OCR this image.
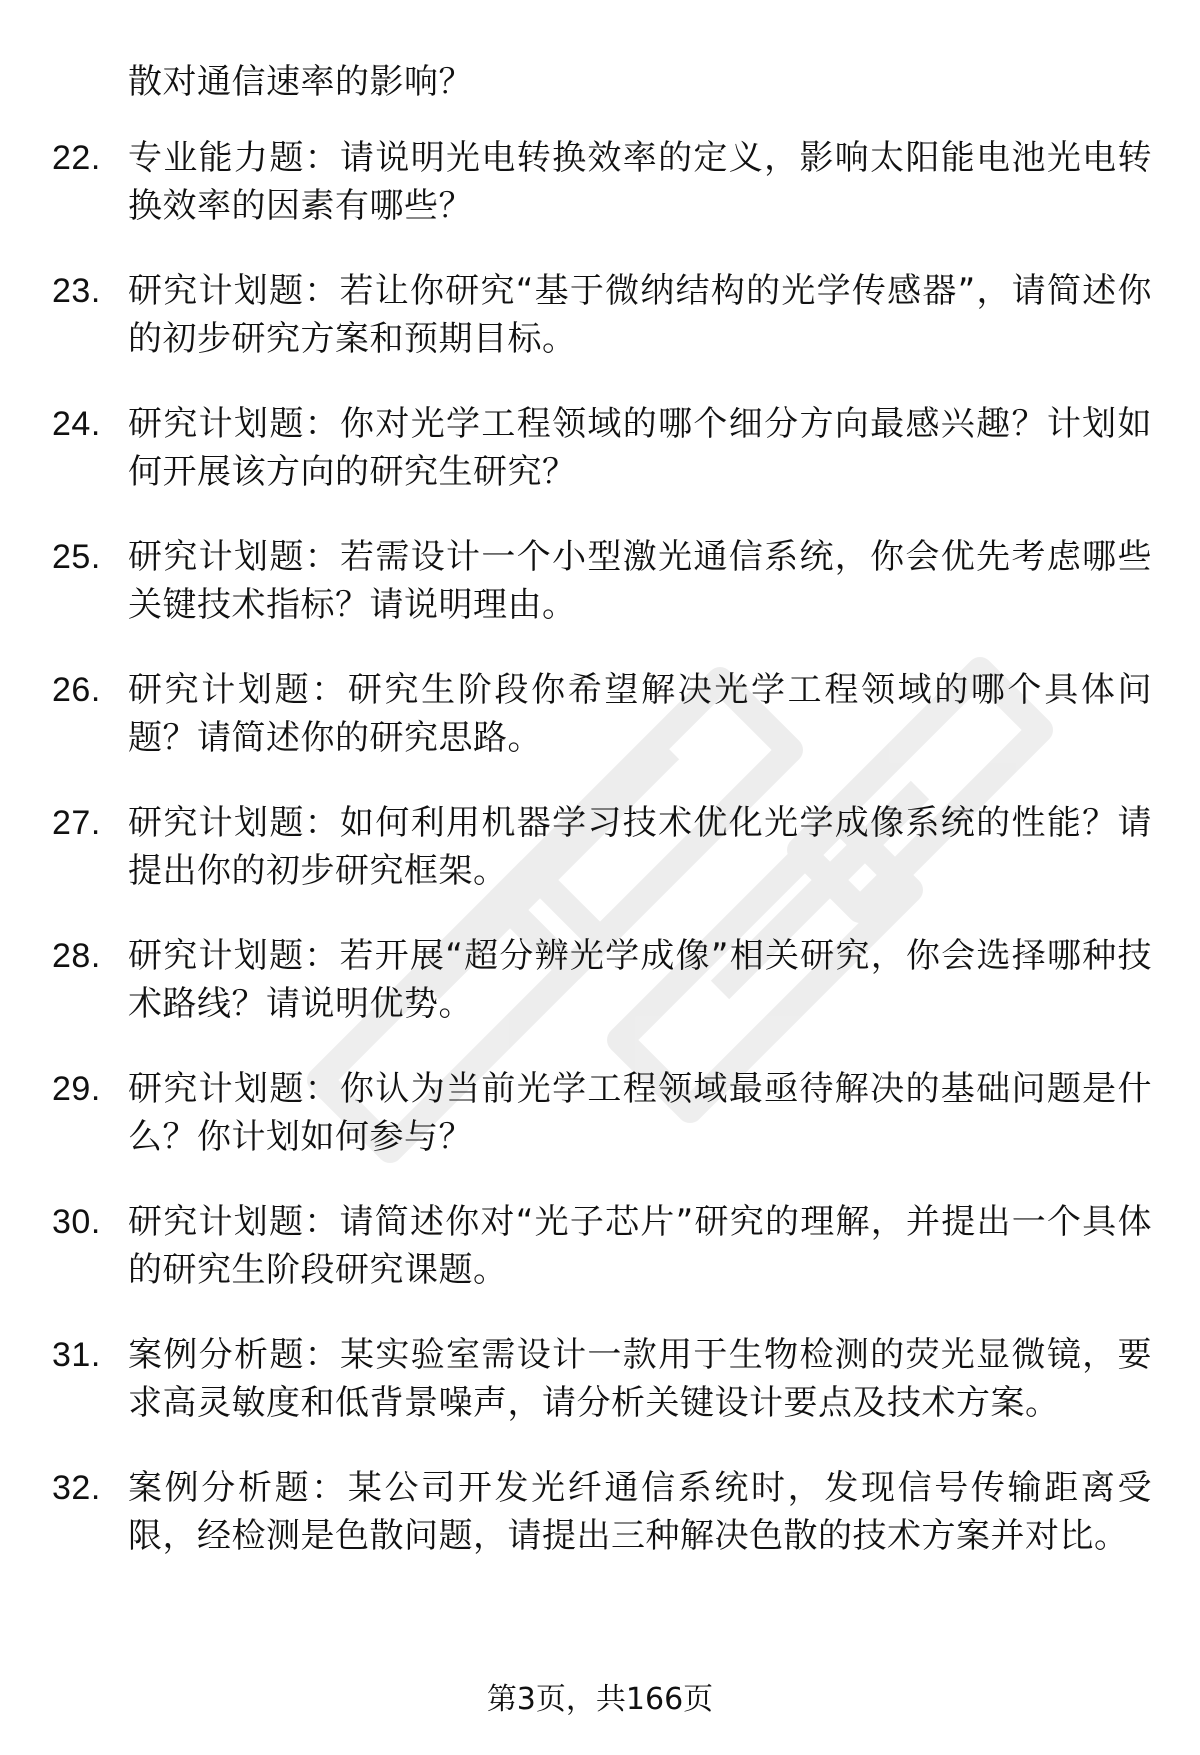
散对通信速率的影响？
22. 专业能力题：请说明光电转换效率的定义，影响太阳能电池光电转换效率的因素有哪些？
23. 研究计划题：若让你研究“基于微纳结构的光学传感器”，请简述你的初步研究方案和预期目标。
24. 研究计划题：你对光学工程领域的哪个细分方向最感兴趣？计划如何开展该方向的研究生研究？
25. 研究计划题：若需设计一个小型激光通信系统，你会优先考虑哪些关键技术指标？请说明理由。
26. 研究计划题：研究生阶段你希望解决光学工程领域的哪个具体问题？请简述你的研究思路。
27. 研究计划题：如何利用机器学习技术优化光学成像系统的性能？请提出你的初步研究框架。
28. 研究计划题：若开展“超分辨光学成像”相关研究，你会选择哪种技术路线？请说明优势。
29. 研究计划题：你认为当前光学工程领域最亟待解决的基础问题是什么？你计划如何参与？
30. 研究计划题：请简述你对“光子芯片”研究的理解，并提出一个具体的研究生阶段研究课题。
31. 案例分析题：某实验室需设计一款用于生物检测的荧光显微镜，要求高灵敏度和低背景噪声，请分析关键设计要点及技术方案。
32. 案例分析题：某公司开发光纤通信系统时，发现信号传输距离受限，经检测是色散问题，请提出三种解决色散的技术方案并对比。
第3页，共166页
